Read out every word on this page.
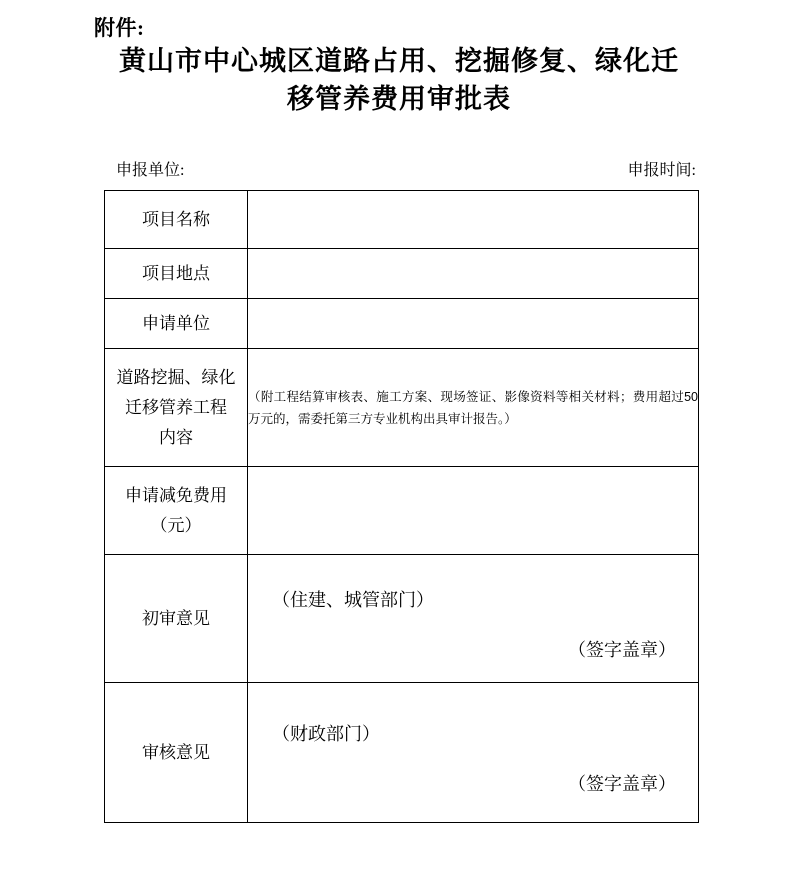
附件:
黄山市中心城区道路占用、挖掘修复、绿化迁
移管养费用审批表
申报单位:	申报时间:
项目名称	
项目地点	
申请单位	

道路挖掘、绿化
迁移管养工程
内容	（附工程结算审核表、施工方案、现场签证、影像资料等相关材料；费用超过50万元的，需委托第三方专业机构出具审计报告。）

申请减免费用
（元）	

初审意见	（住建、城管部门）
（签字盖章）

审核意见	（财政部门）
（签字盖章）
